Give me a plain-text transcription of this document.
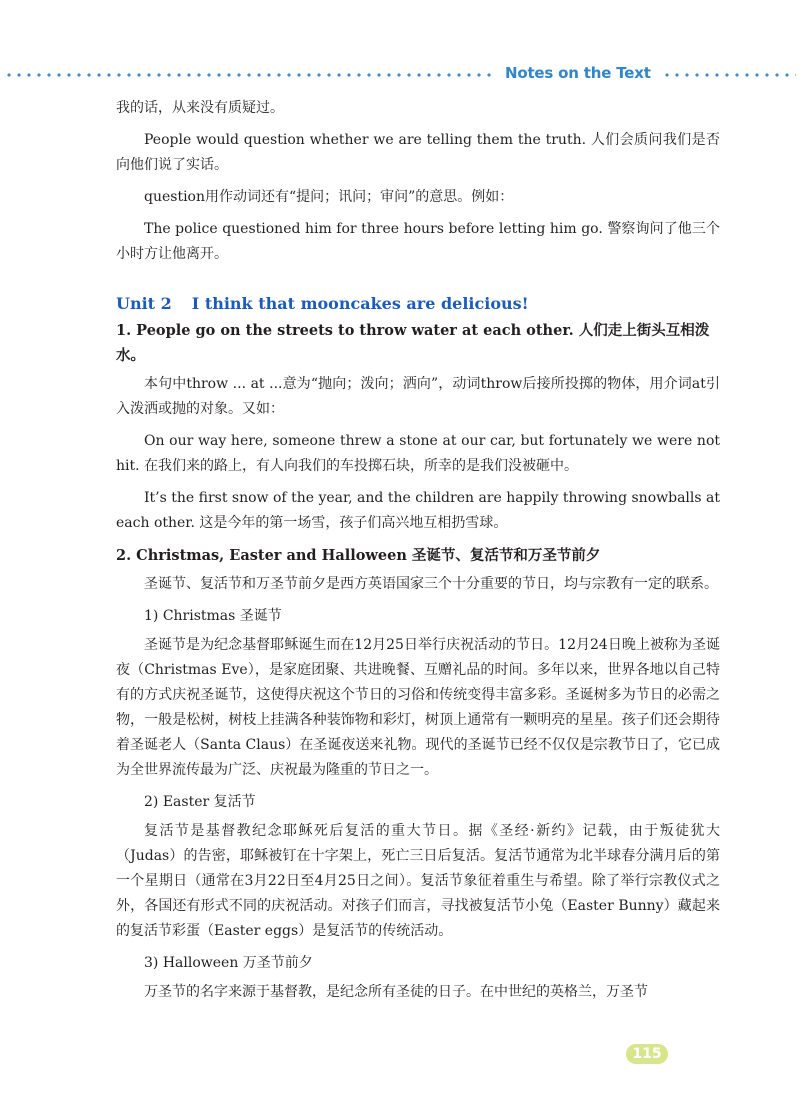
Notes on the Text

我的话，从来没有质疑过。

People would question whether we are telling them the truth. 人们会质问我们是否向他们说了实话。

question用作动词还有“提问；讯问；审问”的意思。例如：

The police questioned him for three hours before letting him go. 警察询问了他三个小时方让他离开。

Unit 2 I think that mooncakes are delicious!

1. People go on the streets to throw water at each other. 人们走上街头互相泼水。

本句中throw ... at ...意为“抛向；泼向；洒向”，动词throw后接所投掷的物体，用介词at引入泼洒或抛的对象。又如：

On our way here, someone threw a stone at our car, but fortunately we were not hit. 在我们来的路上，有人向我们的车投掷石块，所幸的是我们没被砸中。

It’s the first snow of the year, and the children are happily throwing snowballs at each other. 这是今年的第一场雪，孩子们高兴地互相扔雪球。

2. Christmas, Easter and Halloween 圣诞节、复活节和万圣节前夕

圣诞节、复活节和万圣节前夕是西方英语国家三个十分重要的节日，均与宗教有一定的联系。

1) Christmas 圣诞节

圣诞节是为纪念基督耶稣诞生而在12月25日举行庆祝活动的节日。12月24日晚上被称为圣诞夜（Christmas Eve），是家庭团聚、共进晚餐、互赠礼品的时间。多年以来，世界各地以自己特有的方式庆祝圣诞节，这使得庆祝这个节日的习俗和传统变得丰富多彩。圣诞树多为节日的必需之物，一般是松树，树枝上挂满各种装饰物和彩灯，树顶上通常有一颗明亮的星星。孩子们还会期待着圣诞老人（Santa Claus）在圣诞夜送来礼物。现代的圣诞节已经不仅仅是宗教节日了，它已成为全世界流传最为广泛、庆祝最为隆重的节日之一。

2) Easter 复活节

复活节是基督教纪念耶稣死后复活的重大节日。据《圣经·新约》记载，由于叛徒犹大（Judas）的告密，耶稣被钉在十字架上，死亡三日后复活。复活节通常为北半球春分满月后的第一个星期日（通常在3月22日至4月25日之间）。复活节象征着重生与希望。除了举行宗教仪式之外，各国还有形式不同的庆祝活动。对孩子们而言，寻找被复活节小兔（Easter Bunny）藏起来的复活节彩蛋（Easter eggs）是复活节的传统活动。

3) Halloween 万圣节前夕

万圣节的名字来源于基督教，是纪念所有圣徒的日子。在中世纪的英格兰，万圣节

115
